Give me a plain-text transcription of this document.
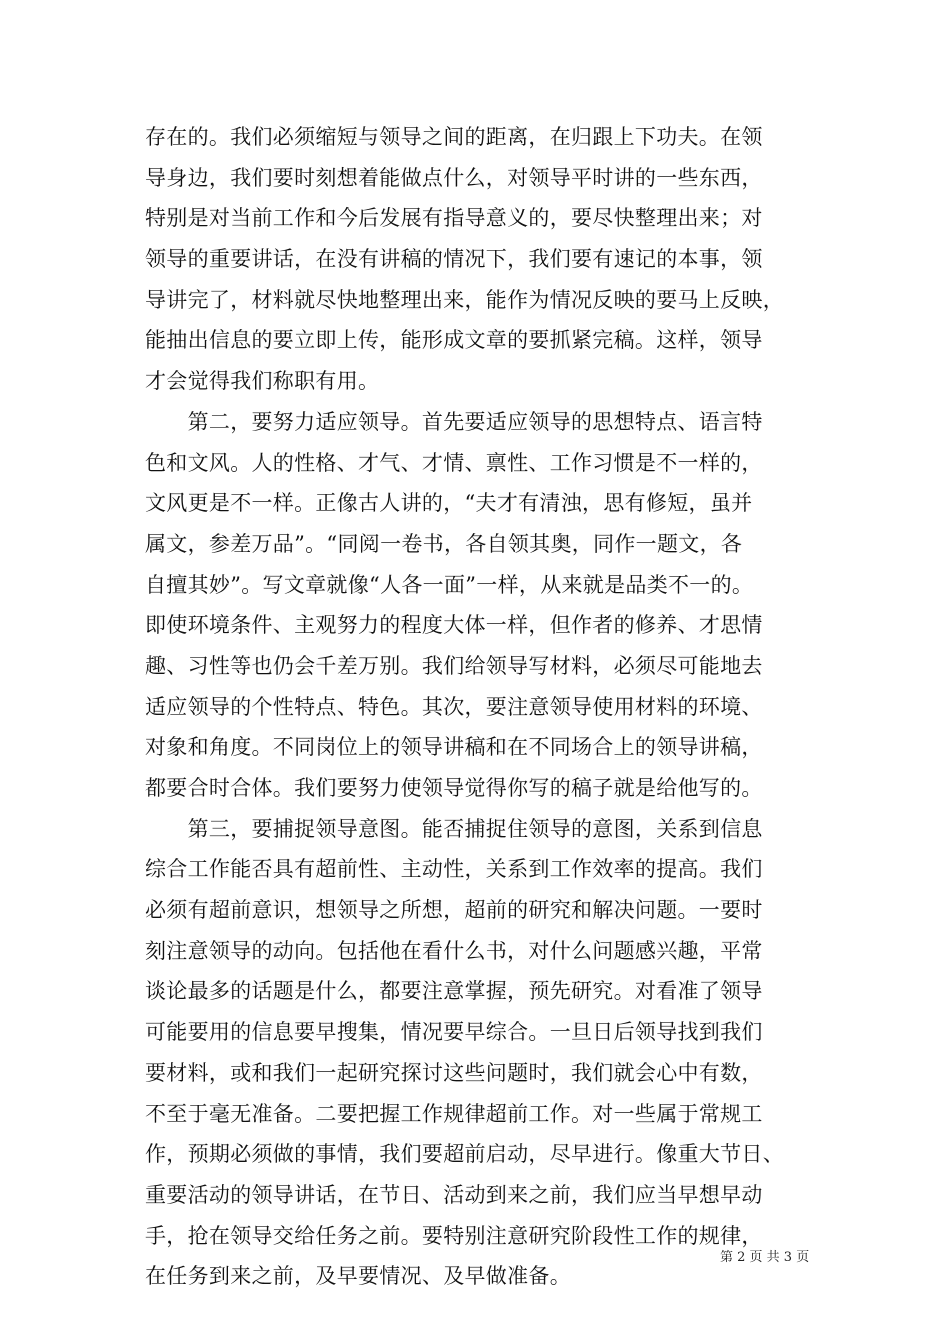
存在的。我们必须缩短与领导之间的距离，在归跟上下功夫。在领
导身边，我们要时刻想着能做点什么，对领导平时讲的一些东西，
特别是对当前工作和今后发展有指导意义的，要尽快整理出来；对
领导的重要讲话，在没有讲稿的情况下，我们要有速记的本事，领
导讲完了，材料就尽快地整理出来，能作为情况反映的要马上反映，
能抽出信息的要立即上传，能形成文章的要抓紧完稿。这样，领导
才会觉得我们称职有用。
　　第二，要努力适应领导。首先要适应领导的思想特点、语言特
色和文风。人的性格、才气、才情、禀性、工作习惯是不一样的，
文风更是不一样。正像古人讲的，“夫才有清浊，思有修短，虽并
属文，参差万品”。“同阅一卷书，各自领其奥，同作一题文，各
自擅其妙”。写文章就像“人各一面”一样，从来就是品类不一的。
即使环境条件、主观努力的程度大体一样，但作者的修养、才思情
趣、习性等也仍会千差万别。我们给领导写材料，必须尽可能地去
适应领导的个性特点、特色。其次，要注意领导使用材料的环境、
对象和角度。不同岗位上的领导讲稿和在不同场合上的领导讲稿，
都要合时合体。我们要努力使领导觉得你写的稿子就是给他写的。
　　第三，要捕捉领导意图。能否捕捉住领导的意图，关系到信息
综合工作能否具有超前性、主动性，关系到工作效率的提高。我们
必须有超前意识，想领导之所想，超前的研究和解决问题。一要时
刻注意领导的动向。包括他在看什么书，对什么问题感兴趣，平常
谈论最多的话题是什么，都要注意掌握，预先研究。对看准了领导
可能要用的信息要早搜集，情况要早综合。一旦日后领导找到我们
要材料，或和我们一起研究探讨这些问题时，我们就会心中有数，
不至于毫无准备。二要把握工作规律超前工作。对一些属于常规工
作，预期必须做的事情，我们要超前启动，尽早进行。像重大节日、
重要活动的领导讲话，在节日、活动到来之前，我们应当早想早动
手，抢在领导交给任务之前。要特别注意研究阶段性工作的规律，
在任务到来之前，及早要情况、及早做准备。
第 2 页 共 3 页
